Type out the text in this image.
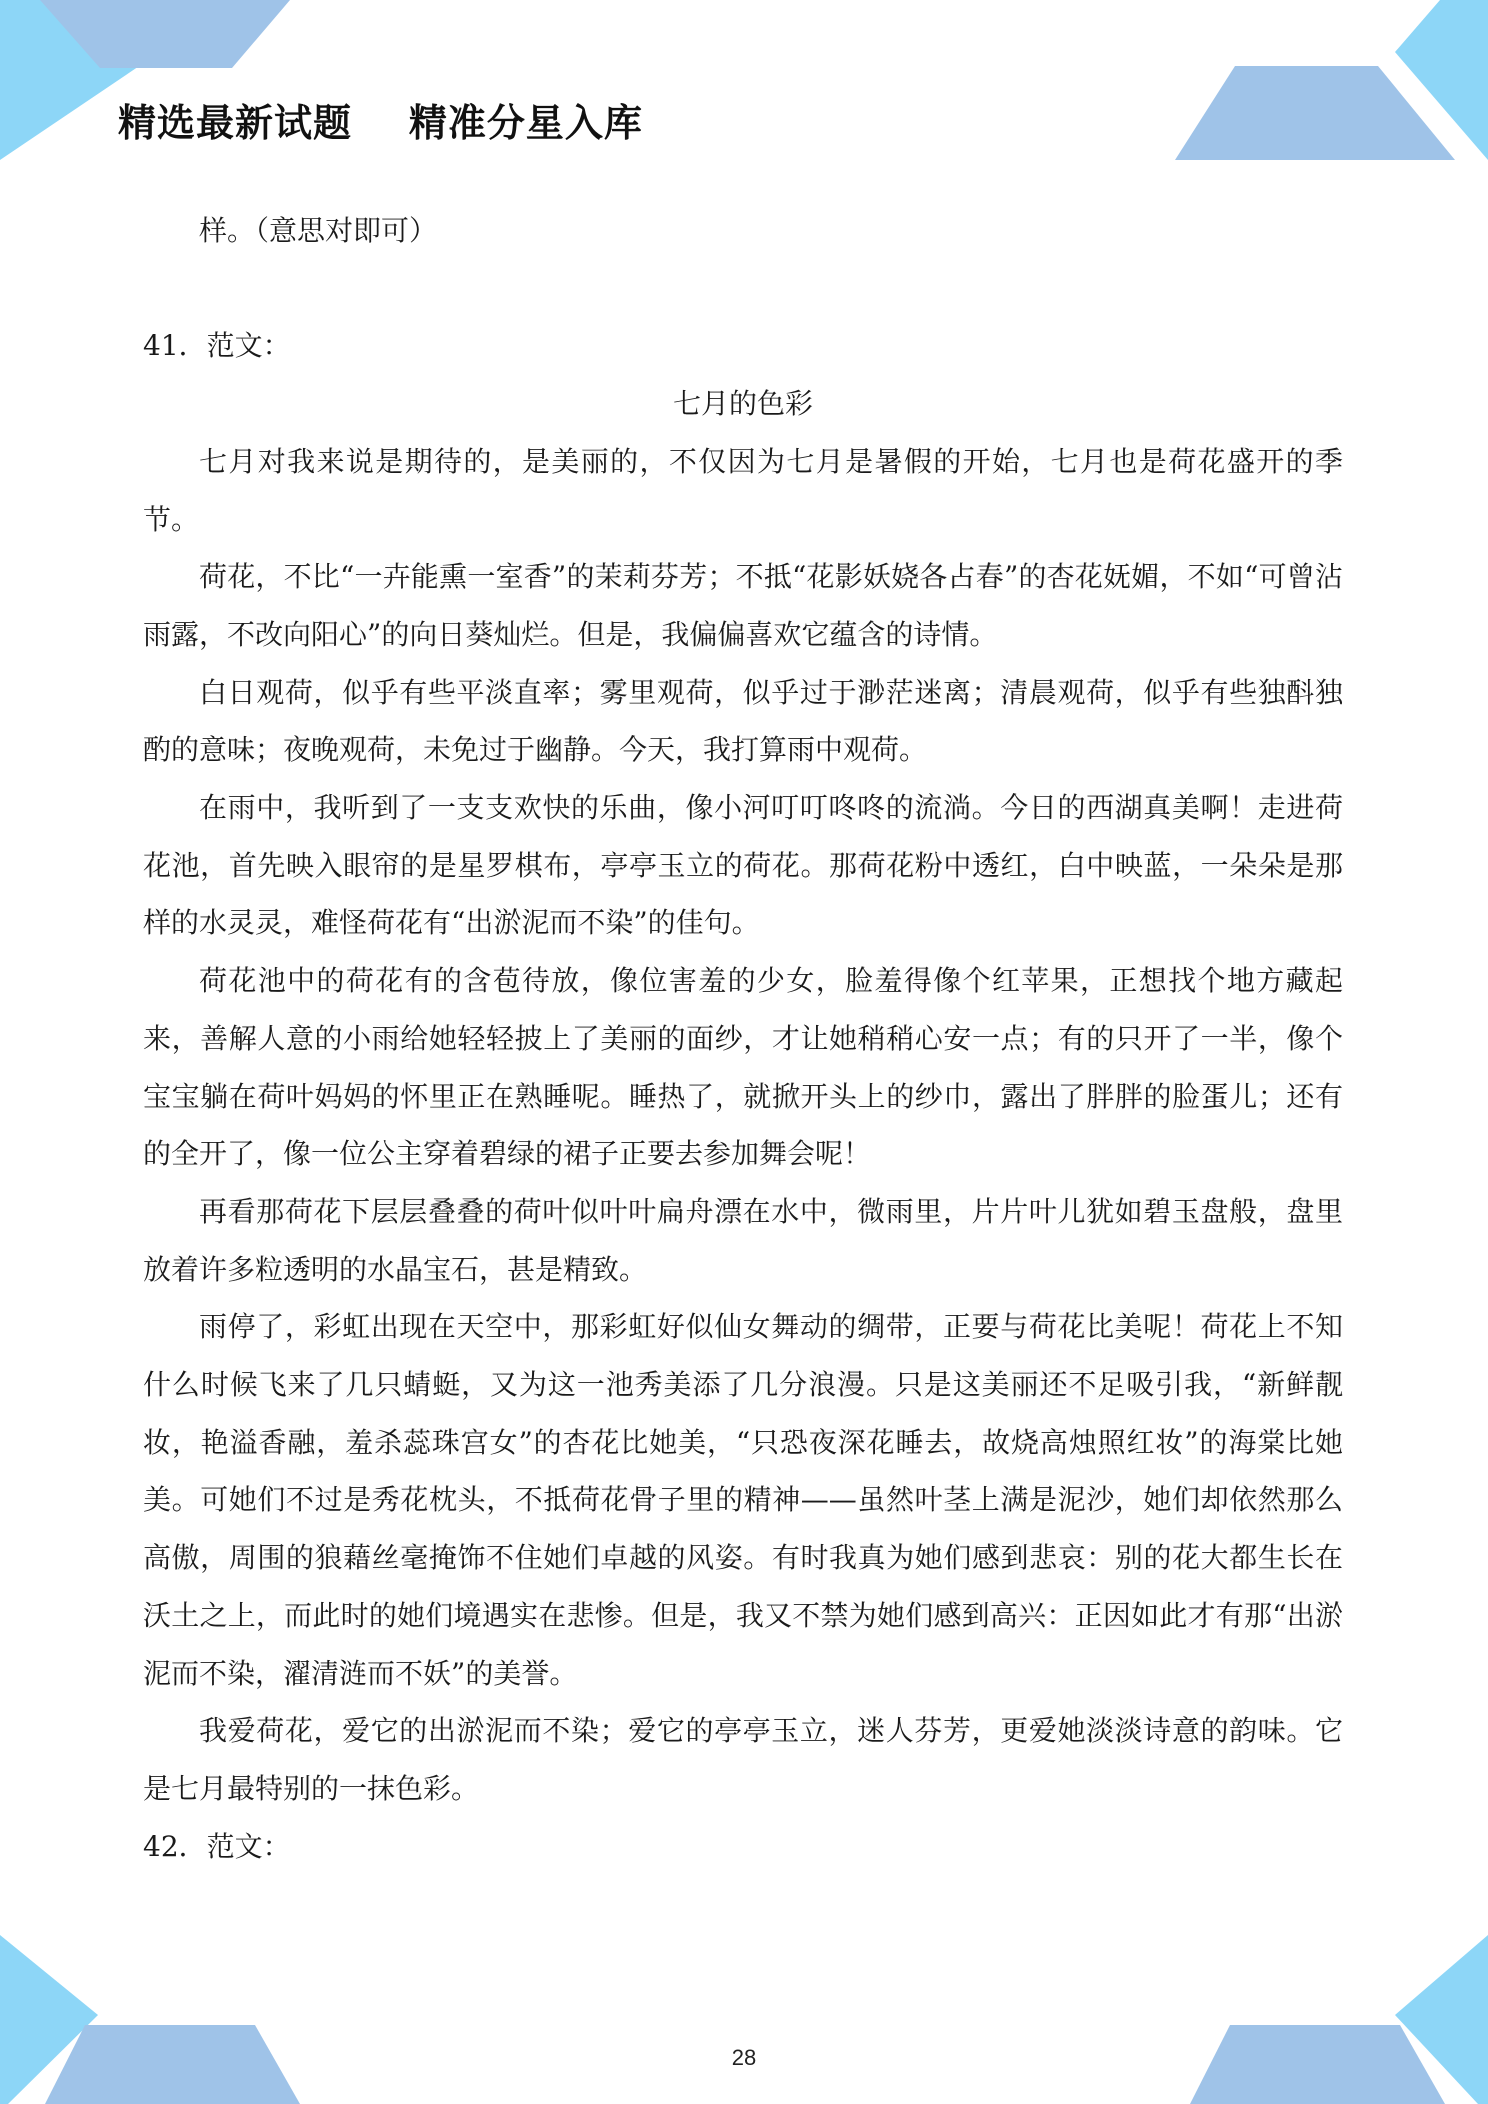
精选最新试题    精准分星入库

样。（意思对即可）

41．范文：

七月的色彩

七月对我来说是期待的，是美丽的，不仅因为七月是暑假的开始，七月也是荷花盛开的季节。

荷花，不比“一卉能熏一室香”的茉莉芬芳；不抵“花影妖娆各占春”的杏花妩媚，不如“可曾沾雨露，不改向阳心”的向日葵灿烂。但是，我偏偏喜欢它蕴含的诗情。

白日观荷，似乎有些平淡直率；雾里观荷，似乎过于渺茫迷离；清晨观荷，似乎有些独酙独酌的意味；夜晚观荷，未免过于幽静。今天，我打算雨中观荷。

在雨中，我听到了一支支欢快的乐曲，像小河叮叮咚咚的流淌。今日的西湖真美啊！走进荷花池，首先映入眼帘的是星罗棋布，亭亭玉立的荷花。那荷花粉中透红，白中映蓝，一朵朵是那样的水灵灵，难怪荷花有“出淤泥而不染”的佳句。

荷花池中的荷花有的含苞待放，像位害羞的少女，脸羞得像个红苹果，正想找个地方藏起来，善解人意的小雨给她轻轻披上了美丽的面纱，才让她稍稍心安一点；有的只开了一半，像个宝宝躺在荷叶妈妈的怀里正在熟睡呢。睡热了，就掀开头上的纱巾，露出了胖胖的脸蛋儿；还有的全开了，像一位公主穿着碧绿的裙子正要去参加舞会呢！

再看那荷花下层层叠叠的荷叶似叶叶扁舟漂在水中，微雨里，片片叶儿犹如碧玉盘般，盘里放着许多粒透明的水晶宝石，甚是精致。

雨停了，彩虹出现在天空中，那彩虹好似仙女舞动的绸带，正要与荷花比美呢！荷花上不知什么时候飞来了几只蜻蜓，又为这一池秀美添了几分浪漫。只是这美丽还不足吸引我，“新鲜靓妆，艳溢香融，羞杀蕊珠宫女”的杏花比她美，“只恐夜深花睡去，故烧高烛照红妆”的海棠比她美。可她们不过是秀花枕头，不抵荷花骨子里的精神——虽然叶茎上满是泥沙，她们却依然那么高傲，周围的狼藉丝毫掩饰不住她们卓越的风姿。有时我真为她们感到悲哀：别的花大都生长在沃土之上，而此时的她们境遇实在悲惨。但是，我又不禁为她们感到高兴：正因如此才有那“出淤泥而不染，濯清涟而不妖”的美誉。

我爱荷花，爱它的出淤泥而不染；爱它的亭亭玉立，迷人芬芳，更爱她淡淡诗意的韵味。它是七月最特别的一抹色彩。

42．范文：

28
